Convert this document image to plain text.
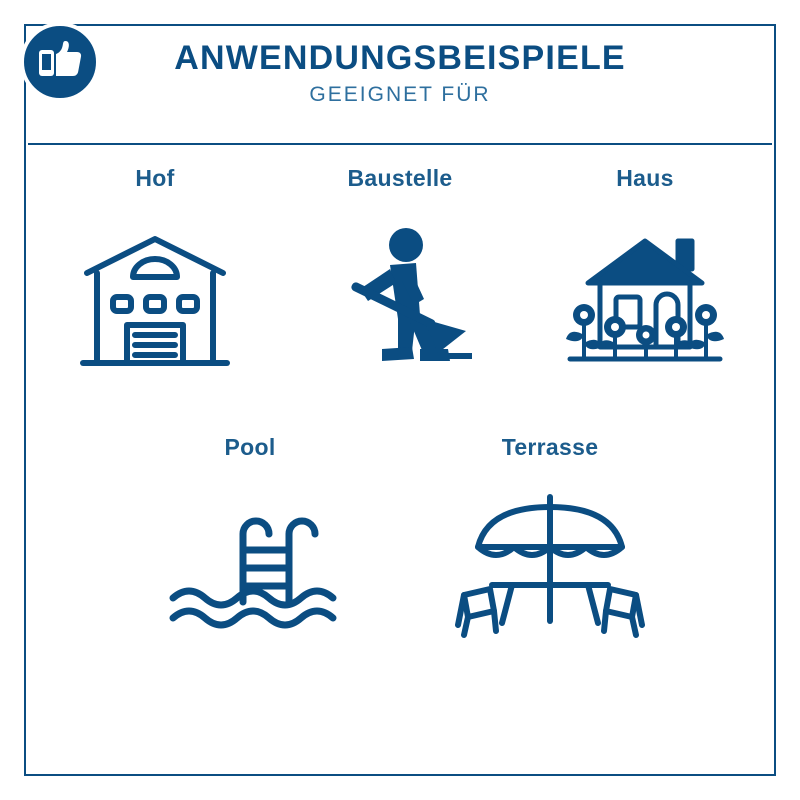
ANWENDUNGSBEISPIELE
GEEIGNET FÜR
Hof	Baustelle	Haus
Pool	Terrasse
